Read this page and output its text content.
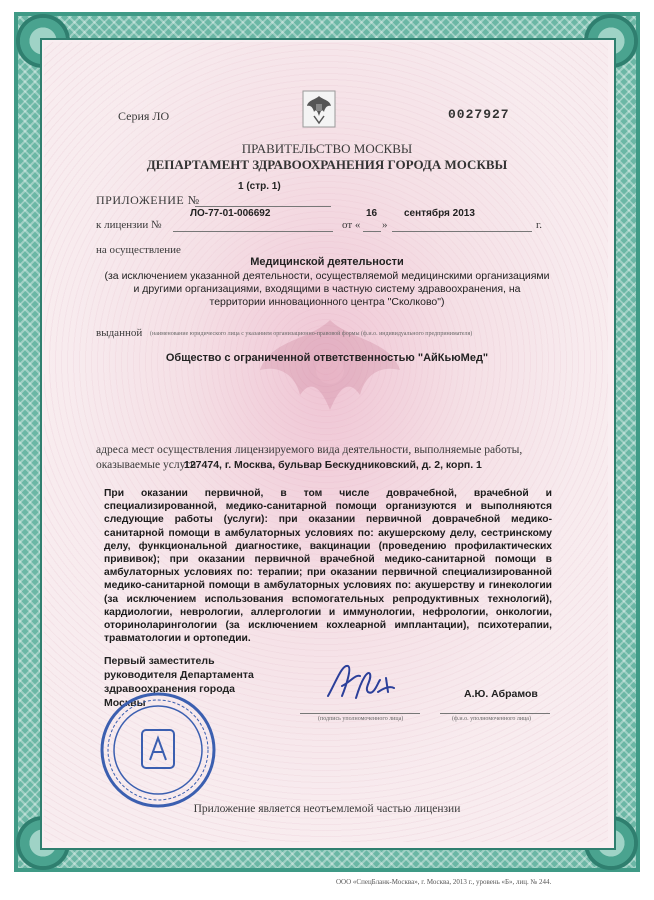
Серия ЛО	0027927
ПРАВИТЕЛЬСТВО МОСКВЫ
ДЕПАРТАМЕНТ ЗДРАВООХРАНЕНИЯ ГОРОДА МОСКВЫ
ПРИЛОЖЕНИЕ №
1 (стр. 1)
к лицензии №
ЛО-77-01-006692
от «
16
»
сентября 2013
г.
на осуществление
Медицинской деятельности
(за исключением указанной деятельности, осуществляемой медицинскими организациями
и другими организациями, входящими в частную систему здравоохранения, на
территории инновационного центра "Сколково")
выданной (наименование юридического лица с указанием организационно-правовой формы (ф.и.о. индивидуального предпринимателя)
Общество с ограниченной ответственностью "АйКьюМед"
адреса мест осуществления лицензируемого вида деятельности, выполняемые работы,
оказываемые услуги
127474, г. Москва, бульвар Бескудниковский, д. 2, корп. 1
При оказании первичной, в том числе доврачебной, врачебной и специализированной, медико-санитарной помощи организуются и выполняются следующие работы (услуги): при оказании первичной доврачебной медико-санитарной помощи в амбулаторных условиях по: акушерскому делу, сестринскому делу, функциональной диагностике, вакцинации (проведению профилактических прививок); при оказании первичной врачебной медико-санитарной помощи в амбулаторных условиях по: терапии; при оказании первичной специализированной медико-санитарной помощи в амбулаторных условиях по: акушерству и гинекологии (за исключением использования вспомогательных репродуктивных технологий), кардиологии, неврологии, аллергологии и иммунологии, нефрологии, онкологии, оториноларингологии (за исключением кохлеарной имплантации), психотерапии, травматологии и ортопедии.
Первый заместитель
руководителя Департамента
здравоохранения города
Москвы
(подпись уполномоченного лица)
А.Ю. Абрамов
(ф.и.о. уполномоченного лица)
Приложение является неотъемлемой частью лицензии
ООО «СпецБланк-Москва», г. Москва, 2013 г., уровень «Б», лиц. № 244.
